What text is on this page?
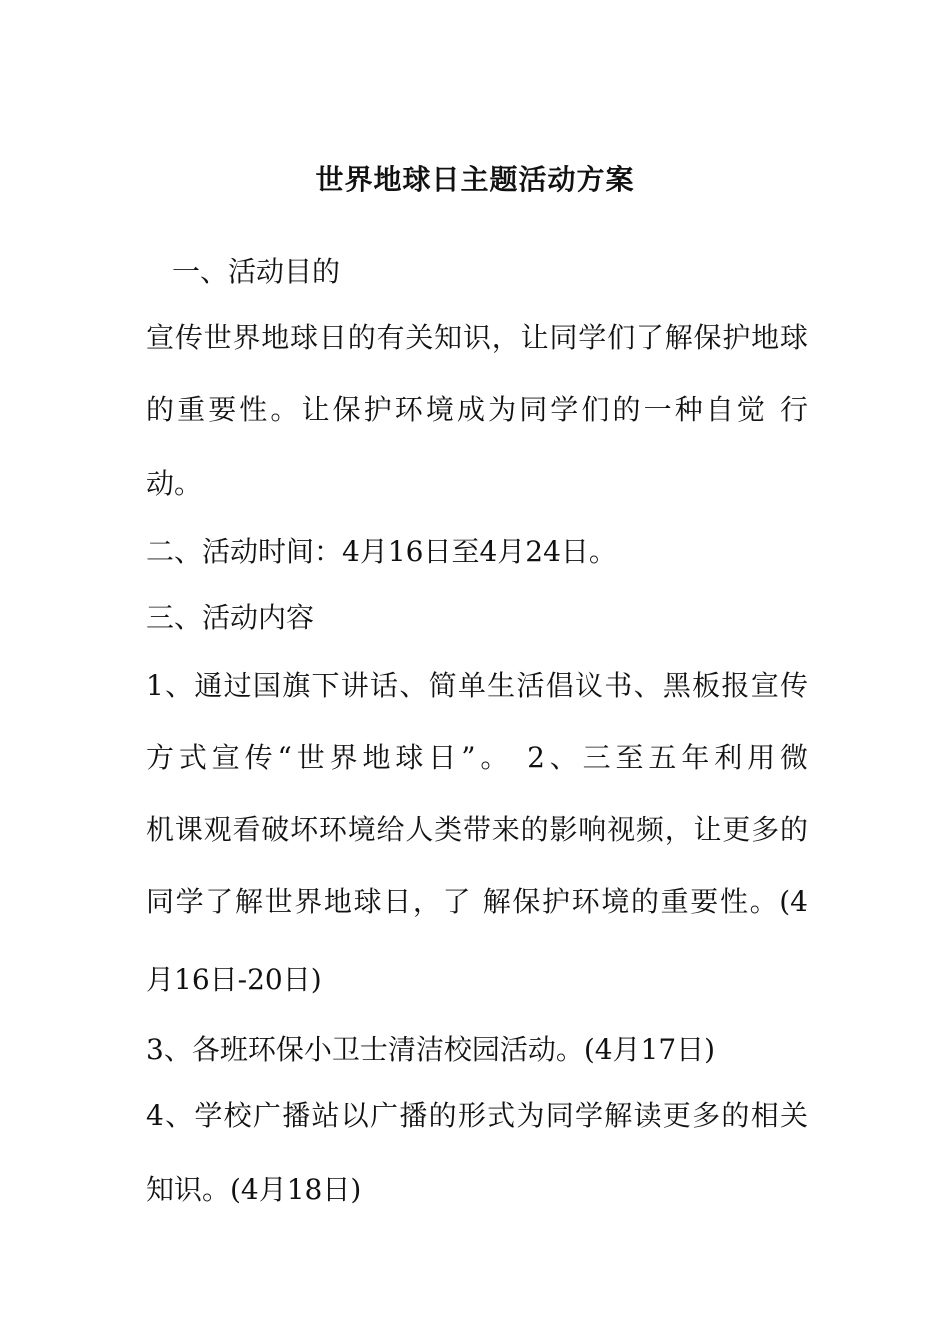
世界地球日主题活动方案
一、活动目的
宣传世界地球日的有关知识，让同学们了解保护地球
的重要性。让保护环境成为同学们的一种自觉 行
动。
二、活动时间：4月16日至4月24日。
三、活动内容
1、通过国旗下讲话、简单生活倡议书、黑板报宣传
方式宣传“世界地球日”。 2、三至五年利用微
机课观看破坏环境给人类带来的影响视频，让更多的
同学了解世界地球日，了 解保护环境的重要性。(4
月16日-20日)
3、各班环保小卫士清洁校园活动。(4月17日)
4、学校广播站以广播的形式为同学解读更多的相关
知识。(4月18日)
